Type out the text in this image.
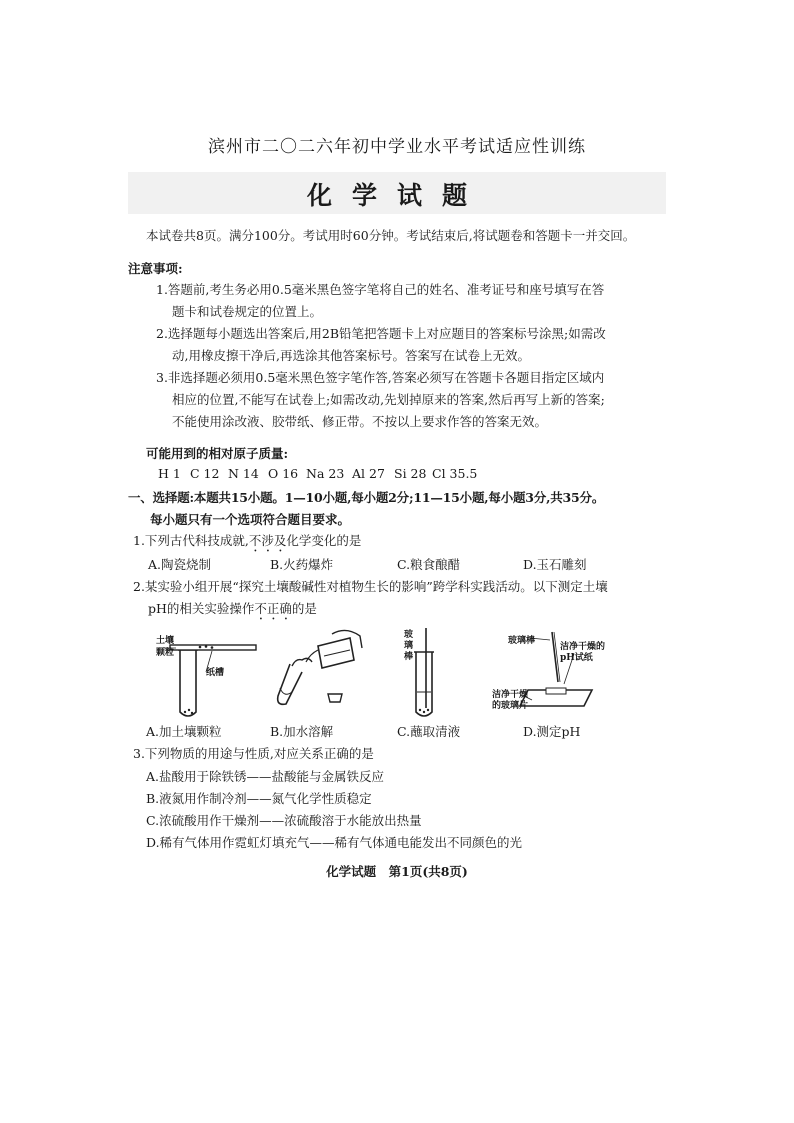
滨州市二〇二六年初中学业水平考试适应性训练
化学试题
本试卷共8页。满分100分。考试用时60分钟。考试结束后,将试题卷和答题卡一并交回。
注意事项:
1.答题前,考生务必用0.5毫米黑色签字笔将自己的姓名、准考证号和座号填写在答
题卡和试卷规定的位置上。
2.选择题每小题选出答案后,用2B铅笔把答题卡上对应题目的答案标号涂黑;如需改
动,用橡皮擦干净后,再选涂其他答案标号。答案写在试卷上无效。
3.非选择题必须用0.5毫米黑色签字笔作答,答案必须写在答题卡各题目指定区域内
相应的位置,不能写在试卷上;如需改动,先划掉原来的答案,然后再写上新的答案;
不能使用涂改液、胶带纸、修正带。不按以上要求作答的答案无效。
可能用到的相对原子质量:
H 1 C 12 N 14 O 16 Na 23 Al 27 Si 28 Cl 35.5
一、选择题:本题共15小题。1—10小题,每小题2分;11—15小题,每小题3分,共35分。
每小题只有一个选项符合题目要求。
1.下列古代科技成就,不涉及化学变化的是
A.陶瓷烧制	B.火药爆炸	C.粮食酿醋	D.玉石雕刻
2.某实验小组开展“探究土壤酸碱性对植物生长的影响”跨学科实践活动。以下测定土壤
pH的相关实验操作不正确的是
土壤
颗粒
纸槽
玻
璃
棒
玻璃棒
洁净干燥的
pH试纸
洁净干燥
的玻璃片
A.加土壤颗粒	B.加水溶解	C.蘸取清液	D.测定pH
3.下列物质的用途与性质,对应关系正确的是
A.盐酸用于除铁锈——盐酸能与金属铁反应
B.液氮用作制冷剂——氮气化学性质稳定
C.浓硫酸用作干燥剂——浓硫酸溶于水能放出热量
D.稀有气体用作霓虹灯填充气——稀有气体通电能发出不同颜色的光
化学试题　第1页(共8页)
